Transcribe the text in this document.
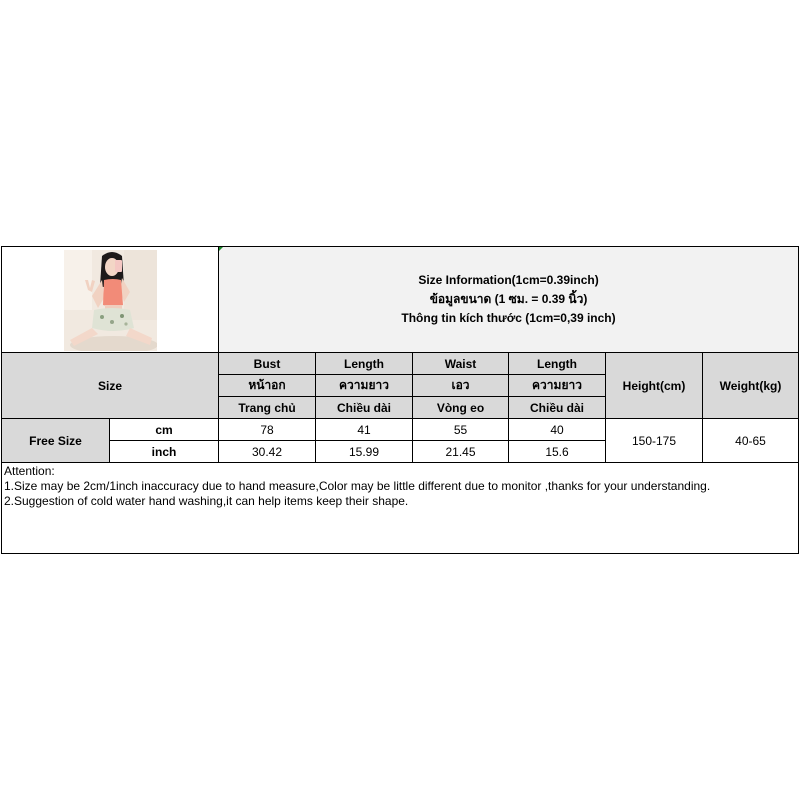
Size Information(1cm=0.39inch)
ข้อมูลขนาด (1 ซม. = 0.39 นิ้ว)
Thông tin kích thước (1cm=0,39 inch)					

Size		Bust	Length	Waist	Length	Height(cm)	Weight(kg)
		หน้าอก	ความยาว	เอว	ความยาว		
		Trang chủ	Chiều dài	Vòng eo	Chiều dài		
Free Size	cm	78	41	55	40	150-175	40-65
	inch	30.42	15.99	21.45	15.6		

Attention:
1.Size may be 2cm/1inch inaccuracy due to hand measure,Color may be little different due to monitor ,thanks for your understanding.
2.Suggestion of cold water hand washing,it can help items keep their shape.							
